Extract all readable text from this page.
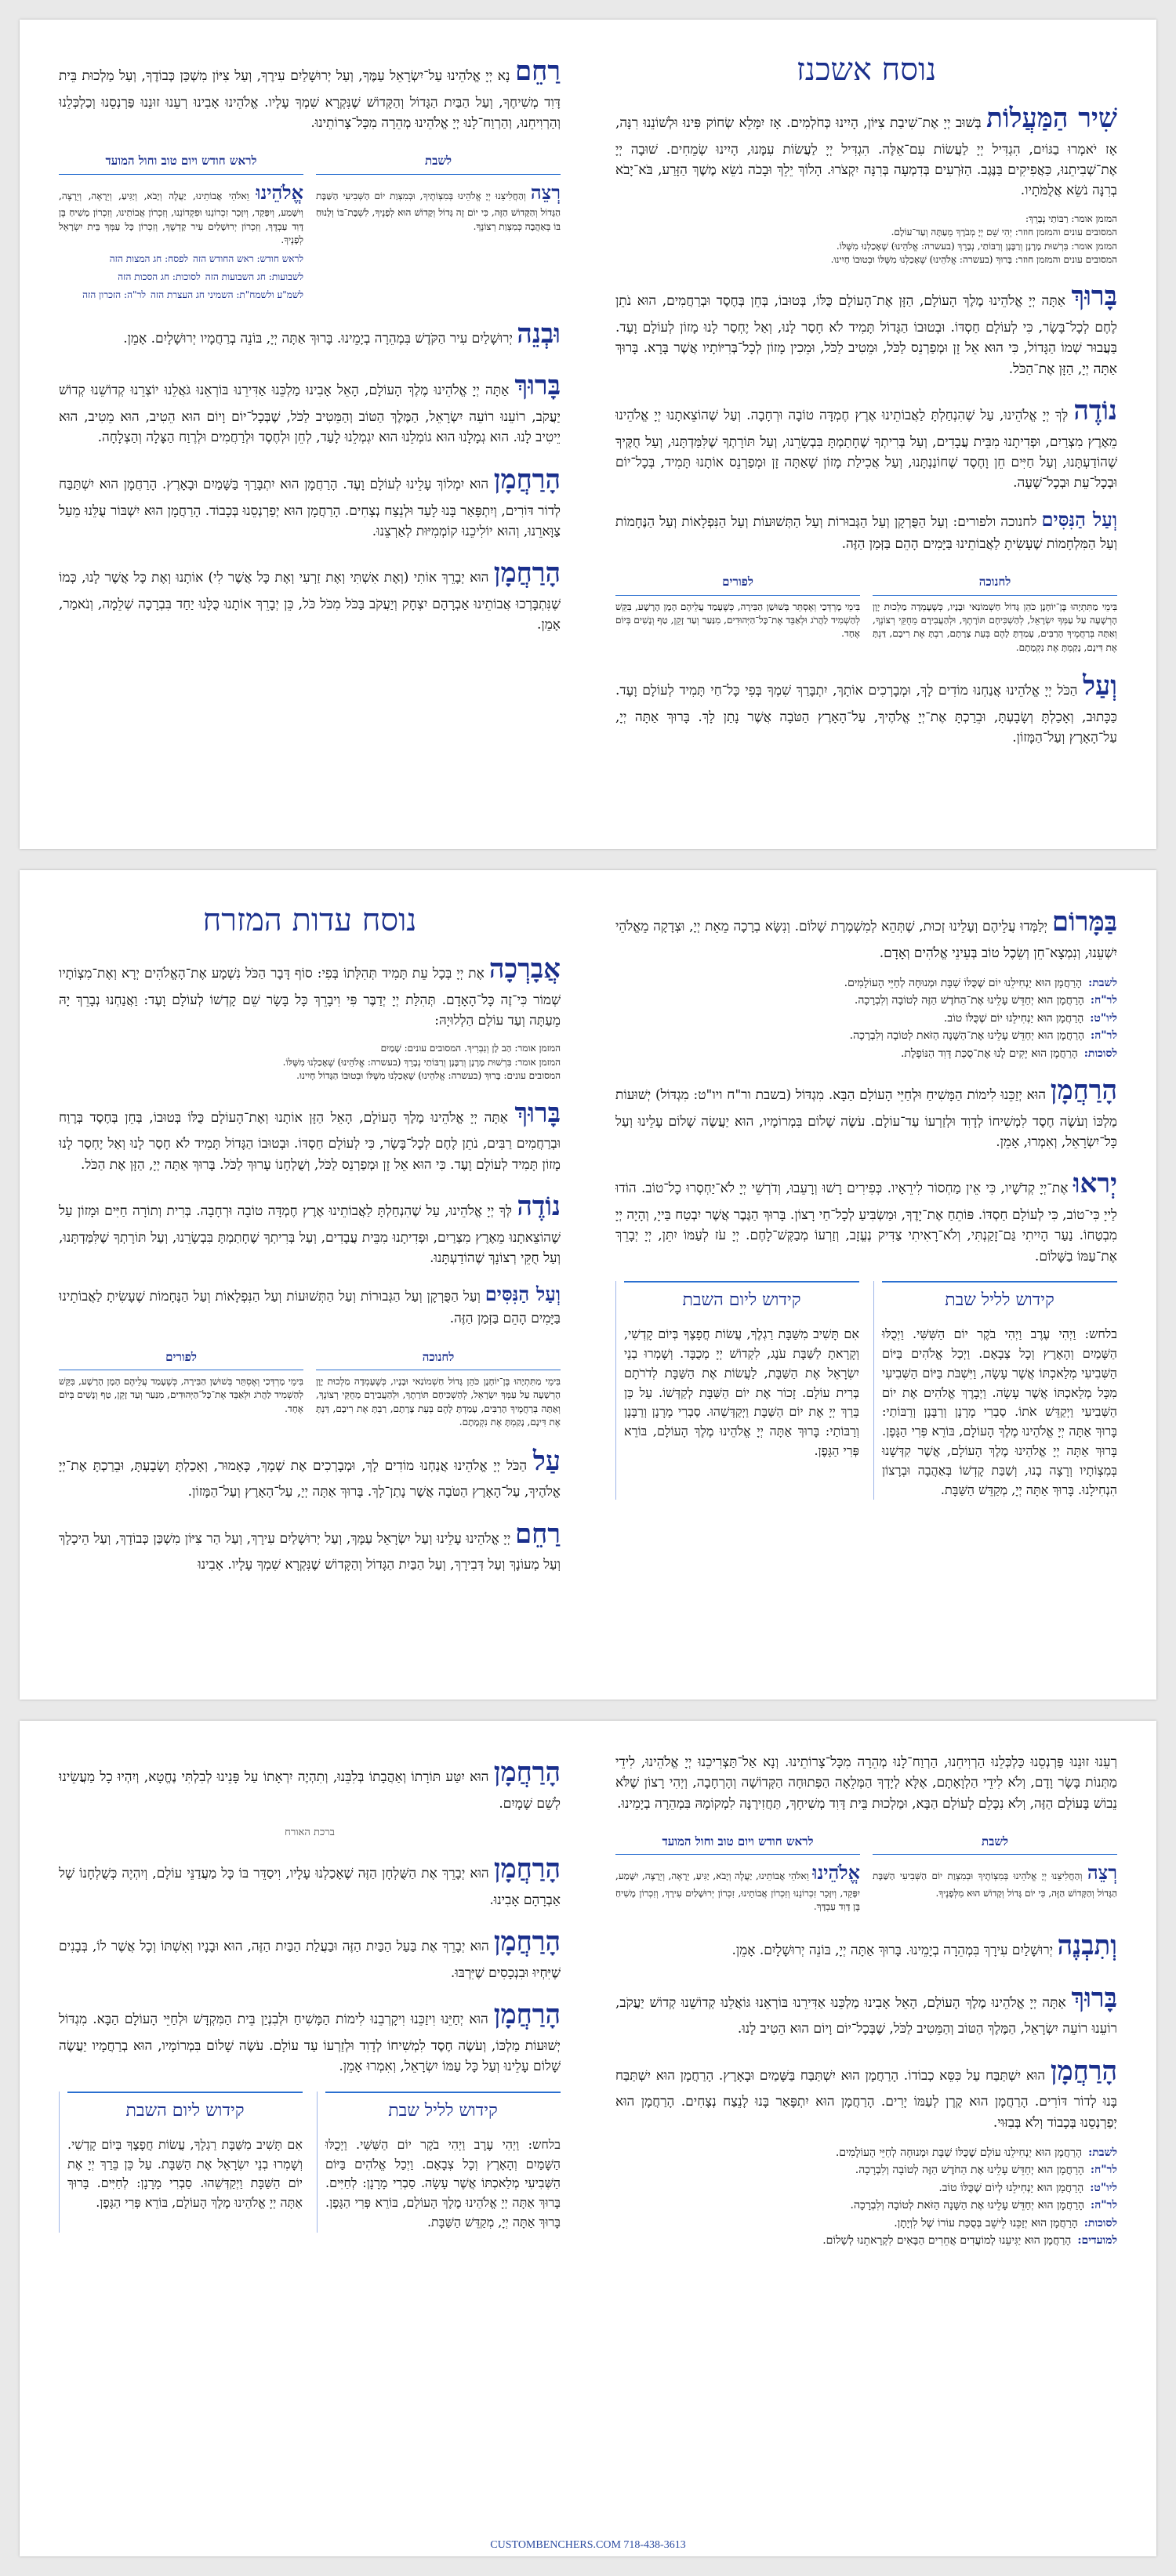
נוסח אשכנז

שִׁיר הַמַּעֲלוֹת בְּשׁוּב יְיָ אֶת־שִׁיבַת צִיּוֹן, הָיִינוּ כְּחֹלְמִים. אָז יִמָּלֵא שְׂחוֹק פִּינוּ וּלְשׁוֹנֵנוּ רִנָּה, אָז יֹאמְרוּ בַגּוֹיִם, הִגְדִּיל יְיָ לַעֲשׂוֹת עִם־אֵלֶּה. הִגְדִּיל יְיָ לַעֲשׂוֹת עִמָּנוּ, הָיִינוּ שְׂמֵחִים. שׁוּבָה יְיָ אֶת־שְׁבִיתֵנוּ, כַּאֲפִיקִים בַּנֶּגֶב. הַזֹּרְעִים בְּדִמְעָה בְּרִנָּה יִקְצֹרוּ. הָלוֹךְ יֵלֵךְ וּבָכֹה נֹשֵׂא מֶשֶׁךְ הַזָּרַע, בֹּא־יָבֹא בְרִנָּה נֹשֵׂא אֲלֻמֹּתָיו.

המזמן אומר: רַבּוֹתַי נְבָרֵךְ:
המסובים עונים והמזמן חוזר: יְהִי שֵׁם יְיָ מְבֹרָךְ מֵעַתָּה וְעַד־עוֹלָם.
המזמן אומר: בִּרְשׁוּת מָרָנָן וְרַבָּנָן וְרַבּוֹתַי, נְבָרֵךְ (בעשרה: אֱלֹהֵינוּ) שֶׁאָכַלְנוּ מִשֶּׁלּוֹ.
המסובים עונים והמזמן חוזר: בָּרוּךְ (בעשרה: אֱלֹהֵינוּ) שֶׁאָכַלְנוּ מִשֶּׁלּוֹ וּבְטוּבוֹ חָיִינוּ.

בָּרוּךְ אַתָּה יְיָ אֱלֹהֵינוּ מֶלֶךְ הָעוֹלָם, הַזָּן אֶת־הָעוֹלָם כֻּלּוֹ, בְּטוּבוֹ, בְּחֵן בְּחֶסֶד וּבְרַחֲמִים, הוּא נֹתֵן לֶחֶם לְכָל־בָּשָׂר, כִּי לְעוֹלָם חַסְדּוֹ. וּבְטוּבוֹ הַגָּדוֹל תָּמִיד לֹא חָסַר לָנוּ, וְאַל יֶחְסַר לָנוּ מָזוֹן לְעוֹלָם וָעֶד. בַּעֲבוּר שְׁמוֹ הַגָּדוֹל, כִּי הוּא אֵל זָן וּמְפַרְנֵס לַכֹּל, וּמֵטִיב לַכֹּל, וּמֵכִין מָזוֹן לְכָל־בְּרִיּוֹתָיו אֲשֶׁר בָּרָא. בָּרוּךְ אַתָּה יְיָ, הַזָּן אֶת־הַכֹּל.

נוֹדֶה לְּךָ יְיָ אֱלֹהֵינוּ, עַל שֶׁהִנְחַלְתָּ לַאֲבוֹתֵינוּ אֶרֶץ חֶמְדָּה טוֹבָה וּרְחָבָה. וְעַל שֶׁהוֹצֵאתָנוּ יְיָ אֱלֹהֵינוּ מֵאֶרֶץ מִצְרַיִם, וּפְדִיתָנוּ מִבֵּית עֲבָדִים, וְעַל בְּרִיתְךָ שֶׁחָתַמְתָּ בִּבְשָׂרֵנוּ, וְעַל תּוֹרָתְךָ שֶׁלִּמַּדְתָּנוּ, וְעַל חֻקֶּיךָ שֶׁהוֹדַעְתָּנוּ, וְעַל חַיִּים חֵן וָחֶסֶד שֶׁחוֹנַנְתָּנוּ, וְעַל אֲכִילַת מָזוֹן שָׁאַתָּה זָן וּמְפַרְנֵס אוֹתָנוּ תָּמִיד, בְּכָל־יוֹם וּבְכָל־עֵת וּבְכָל־שָׁעָה.

וְעַל הַנִּסִּים לחנוכה ולפורים: וְעַל הַפֻּרְקָן וְעַל הַגְּבוּרוֹת וְעַל הַתְּשׁוּעוֹת וְעַל הַנִּפְלָאוֹת וְעַל הַנֶּחָמוֹת וְעַל הַמִּלְחָמוֹת שֶׁעָשִׂיתָ לַאֲבוֹתֵינוּ בַּיָּמִים הָהֵם בַּזְּמַן הַזֶּה.

לחנוכה
בִּימֵי מַתִּתְיָהוּ בֶּן־יוֹחָנָן כֹּהֵן גָּדוֹל חַשְׁמוֹנַאי וּבָנָיו, כְּשֶׁעָמְדָה מַלְכוּת יָוָן הָרְשָׁעָה עַל עַמְּךָ יִשְׂרָאֵל, לְהַשְׁכִּיחָם תּוֹרָתֶךָ, וּלְהַעֲבִירָם מֵחֻקֵּי רְצוֹנֶךָ, וְאַתָּה בְּרַחֲמֶיךָ הָרַבִּים, עָמַדְתָּ לָהֶם בְּעֵת צָרָתָם, רַבְתָּ אֶת רִיבָם, דַּנְתָּ אֶת דִּינָם, נָקַמְתָּ אֶת נִקְמָתָם.
לפורים
בִּימֵי מָרְדְּכַי וְאֶסְתֵּר בְּשׁוּשַׁן הַבִּירָה, כְּשֶׁעָמַד עֲלֵיהֶם הָמָן הָרָשָׁע, בִּקֵּשׁ לְהַשְׁמִיד לַהֲרֹג וּלְאַבֵּד אֶת־כָּל־הַיְּהוּדִים, מִנַּעַר וְעַד זָקֵן, טַף וְנָשִׁים בְּיוֹם אֶחָד.

וְעַל הַכֹּל יְיָ אֱלֹהֵינוּ אֲנַחְנוּ מוֹדִים לָךְ, וּמְבָרְכִים אוֹתָךְ, יִתְבָּרַךְ שִׁמְךָ בְּפִי כָּל־חַי תָּמִיד לְעוֹלָם וָעֶד. כַּכָּתוּב, וְאָכַלְתָּ וְשָׂבָעְתָּ, וּבֵרַכְתָּ אֶת־יְיָ אֱלֹהֶיךָ, עַל־הָאָרֶץ הַטֹּבָה אֲשֶׁר נָתַן לָךְ. בָּרוּךְ אַתָּה יְיָ, עַל־הָאָרֶץ וְעַל־הַמָּזוֹן.

רַחֵם נָא יְיָ אֱלֹהֵינוּ עַל־יִשְׂרָאֵל עַמֶּךָ, וְעַל יְרוּשָׁלַיִם עִירֶךָ, וְעַל צִיּוֹן מִשְׁכַּן כְּבוֹדֶךָ, וְעַל מַלְכוּת בֵּית דָּוִד מְשִׁיחֶךָ, וְעַל הַבַּיִת הַגָּדוֹל וְהַקָּדוֹשׁ שֶׁנִּקְרָא שִׁמְךָ עָלָיו. אֱלֹהֵינוּ אָבִינוּ רְעֵנוּ זוּנֵנוּ פַּרְנְסֵנוּ וְכַלְכְּלֵנוּ וְהַרְוִיחֵנוּ, וְהַרְוַח־לָנוּ יְיָ אֱלֹהֵינוּ מְהֵרָה מִכָּל־צָרוֹתֵינוּ.

לשבת
רְצֵה וְהַחֲלִיצֵנוּ יְיָ אֱלֹהֵינוּ בְּמִצְוֹתֶיךָ, וּבְמִצְוַת יוֹם הַשְּׁבִיעִי הַשַּׁבָּת הַגָּדוֹל וְהַקָּדוֹשׁ הַזֶּה, כִּי יוֹם זֶה גָּדוֹל וְקָדוֹשׁ הוּא לְפָנֶיךָ, לִשְׁבָּת־בּוֹ וְלָנוּחַ בּוֹ בְּאַהֲבָה כְּמִצְוַת רְצוֹנֶךָ.
לראש חודש ויום טוב וחול המועד
אֱלֹהֵינוּ וֵאלֹהֵי אֲבוֹתֵינוּ, יַעֲלֶה וְיָבֹא, וְיַגִּיעַ, וְיֵרָאֶה, וְיֵרָצֶה, וְיִשָּׁמַע, וְיִפָּקֵד, וְיִזָּכֵר זִכְרוֹנֵנוּ וּפִקְדוֹנֵנוּ, וְזִכְרוֹן אֲבוֹתֵינוּ, וְזִכְרוֹן מָשִׁיחַ בֶּן דָּוִד עַבְדֶּךָ, וְזִכְרוֹן יְרוּשָׁלַיִם עִיר קָדְשֶׁךָ, וְזִכְרוֹן כָּל עַמְּךָ בֵּית יִשְׂרָאֵל לְפָנֶיךָ.
לראש חודש: ראש החודש הזה
לפסח: חג המצות הזה
לשבועות: חג השבועות הזה
לסוכות: חג הסכות הזה
לשמ"ע ולשמח"ת: השמיני חג העצרת הזה
לר"ה: הזכרון הזה

וּבְנֵה יְרוּשָׁלַיִם עִיר הַקֹּדֶשׁ בִּמְהֵרָה בְיָמֵינוּ. בָּרוּךְ אַתָּה יְיָ, בּוֹנֵה בְרַחֲמָיו יְרוּשָׁלָיִם. אָמֵן.

בָּרוּךְ אַתָּה יְיָ אֱלֹהֵינוּ מֶלֶךְ הָעוֹלָם, הָאֵל אָבִינוּ מַלְכֵּנוּ אַדִּירֵנוּ בּוֹרְאֵנוּ גֹּאֲלֵנוּ יוֹצְרֵנוּ קְדוֹשֵׁנוּ קְדוֹשׁ יַעֲקֹב, רוֹעֵנוּ רוֹעֵה יִשְׂרָאֵל, הַמֶּלֶךְ הַטּוֹב וְהַמֵּטִיב לַכֹּל, שֶׁבְּכָל־יוֹם וָיוֹם הוּא הֵטִיב, הוּא מֵטִיב, הוּא יֵיטִיב לָנוּ. הוּא גְמָלָנוּ הוּא גוֹמְלֵנוּ הוּא יִגְמְלֵנוּ לָעַד, לְחֵן וּלְחֶסֶד וּלְרַחֲמִים וּלְרֶוַח הַצָּלָה וְהַצְלָחָה.

הָרַחֲמָן הוּא יִמְלוֹךְ עָלֵינוּ לְעוֹלָם וָעֶד. הָרַחֲמָן הוּא יִתְבָּרַךְ בַּשָּׁמַיִם וּבָאָרֶץ. הָרַחֲמָן הוּא יִשְׁתַּבַּח לְדוֹר דּוֹרִים, וְיִתְפָּאַר בָּנוּ לָעַד וּלְנֵצַח נְצָחִים. הָרַחֲמָן הוּא יְפַרְנְסֵנוּ בְּכָבוֹד. הָרַחֲמָן הוּא יִשְׁבּוֹר עֻלֵּנוּ מֵעַל צַוָּארֵנוּ, וְהוּא יוֹלִיכֵנוּ קוֹמְמִיּוּת לְאַרְצֵנוּ.

הָרַחֲמָן הוּא יְבָרֵךְ אוֹתִי (וְאֶת אִשְׁתִּי וְאֶת זַרְעִי וְאֶת כָּל אֲשֶׁר לִי) אוֹתָנוּ וְאֶת כָּל אֲשֶׁר לָנוּ, כְּמוֹ שֶׁנִּתְבָּרְכוּ אֲבוֹתֵינוּ אַבְרָהָם יִצְחָק וְיַעֲקֹב בַּכֹּל מִכֹּל כֹּל, כֵּן יְבָרֵךְ אוֹתָנוּ כֻּלָּנוּ יַחַד בִּבְרָכָה שְׁלֵמָה, וְנֹאמַר, אָמֵן.

בַּמָּרוֹם יְלַמְּדוּ עֲלֵיהֶם וְעָלֵינוּ זְכוּת, שֶׁתְּהֵא לְמִשְׁמֶרֶת שָׁלוֹם. וְנִשָּׂא בְרָכָה מֵאֵת יְיָ, וּצְדָקָה מֵאֱלֹהֵי יִשְׁעֵנוּ, וְנִמְצָא־חֵן וְשֵׂכֶל טוֹב בְּעֵינֵי אֱלֹהִים וְאָדָם.

לשבת:הָרַחֲמָן הוּא יַנְחִילֵנוּ יוֹם שֶׁכֻּלּוֹ שַׁבָּת וּמְנוּחָה לְחַיֵּי הָעוֹלָמִים.
לר"ח:הָרַחֲמָן הוּא יְחַדֵּשׁ עָלֵינוּ אֶת־הַחֹדֶשׁ הַזֶּה לְטוֹבָה וְלִבְרָכָה.
ליו"ט:הָרַחֲמָן הוּא יַנְחִילֵנוּ יוֹם שֶׁכֻּלּוֹ טוֹב.
לר"ה:הָרַחֲמָן הוּא יְחַדֵּשׁ עָלֵינוּ אֶת־הַשָּׁנָה הַזֹּאת לְטוֹבָה וְלִבְרָכָה.
לסוכות:הָרַחֲמָן הוּא יָקִים לָנוּ אֶת־סֻכַּת דָּוִד הַנּוֹפָלֶת.

הָרַחֲמָן הוּא יְזַכֵּנוּ לִימוֹת הַמָּשִׁיחַ וּלְחַיֵּי הָעוֹלָם הַבָּא. מִגְדּוֹל (בשבת ור"ח ויו"ט: מִגְדּוֹל) יְשׁוּעוֹת מַלְכּוֹ וְעֹשֶׂה חֶסֶד לִמְשִׁיחוֹ לְדָוִד וּלְזַרְעוֹ עַד־עוֹלָם. עֹשֶׂה שָׁלוֹם בִּמְרוֹמָיו, הוּא יַעֲשֶׂה שָׁלוֹם עָלֵינוּ וְעַל כָּל־יִשְׂרָאֵל, וְאִמְרוּ, אָמֵן.

יְראוּ אֶת־יְיָ קְדֹשָׁיו, כִּי אֵין מַחְסוֹר לִירֵאָיו. כְּפִירִים רָשׁוּ וְרָעֵבוּ, וְדֹרְשֵׁי יְיָ לֹא־יַחְסְרוּ כָל־טוֹב. הוֹדוּ לַייָ כִּי־טוֹב, כִּי לְעוֹלָם חַסְדּוֹ. פּוֹתֵחַ אֶת־יָדֶךָ, וּמַשְׂבִּיעַ לְכָל־חַי רָצוֹן. בָּרוּךְ הַגֶּבֶר אֲשֶׁר יִבְטַח בַּייָ, וְהָיָה יְיָ מִבְטַחוֹ. נַעַר הָיִיתִי גַּם־זָקַנְתִּי, וְלֹא־רָאִיתִי צַדִּיק נֶעֱזָב, וְזַרְעוֹ מְבַקֶּשׁ־לָחֶם. יְיָ עֹז לְעַמּוֹ יִתֵּן, יְיָ יְבָרֵךְ אֶת־עַמּוֹ בַשָּׁלוֹם.

קידוש לליל שבת
בלחש: וַיְהִי עֶרֶב וַיְהִי בֹקֶר יוֹם הַשִּׁשִּׁי. וַיְכֻלּוּ הַשָּׁמַיִם וְהָאָרֶץ וְכָל צְבָאָם. וַיְכַל אֱלֹהִים בַּיּוֹם הַשְּׁבִיעִי מְלַאכְתּוֹ אֲשֶׁר עָשָׂה, וַיִּשְׁבֹּת בַּיּוֹם הַשְּׁבִיעִי מִכָּל מְלַאכְתּוֹ אֲשֶׁר עָשָׂה. וַיְבָרֶךְ אֱלֹהִים אֶת יוֹם הַשְּׁבִיעִי וַיְקַדֵּשׁ אֹתוֹ. סַבְרִי מָרָנָן וְרַבָּנָן וְרַבּוֹתַי: בָּרוּךְ אַתָּה יְיָ אֱלֹהֵינוּ מֶלֶךְ הָעוֹלָם, בּוֹרֵא פְּרִי הַגָּפֶן. בָּרוּךְ אַתָּה יְיָ אֱלֹהֵינוּ מֶלֶךְ הָעוֹלָם, אֲשֶׁר קִדְּשָׁנוּ בְּמִצְוֹתָיו וְרָצָה בָנוּ, וְשַׁבַּת קָדְשׁוֹ בְּאַהֲבָה וּבְרָצוֹן הִנְחִילָנוּ. בָּרוּךְ אַתָּה יְיָ, מְקַדֵּשׁ הַשַּׁבָּת.
קידוש ליום השבת
אִם תָּשִׁיב מִשַּׁבָּת רַגְלֶךָ, עֲשׂוֹת חֲפָצֶךָ בְּיוֹם קָדְשִׁי, וְקָרָאתָ לַשַּׁבָּת עֹנֶג, לִקְדוֹשׁ יְיָ מְכֻבָּד. וְשָׁמְרוּ בְנֵי יִשְׂרָאֵל אֶת הַשַּׁבָּת, לַעֲשׂוֹת אֶת הַשַּׁבָּת לְדֹרֹתָם בְּרִית עוֹלָם. זָכוֹר אֶת יוֹם הַשַּׁבָּת לְקַדְּשׁוֹ. עַל כֵּן בֵּרַךְ יְיָ אֶת יוֹם הַשַּׁבָּת וַיְקַדְּשֵׁהוּ. סַבְרִי מָרָנָן וְרַבָּנָן וְרַבּוֹתַי: בָּרוּךְ אַתָּה יְיָ אֱלֹהֵינוּ מֶלֶךְ הָעוֹלָם, בּוֹרֵא פְּרִי הַגָּפֶן.
נוסח עדות המזרח

אֲבָרְכָה אֶת יְיָ בְּכָל עֵת תָּמִיד תְּהִלָּתוֹ בְּפִי: סוֹף דָּבָר הַכֹּל נִשְׁמָע אֶת־הָאֱלֹהִים יְרָא וְאֶת־מִצְוֹתָיו שְׁמוֹר כִּי־זֶה כָּל־הָאָדָם. תְּהִלַּת יְיָ יְדַבֶּר פִּי וִיבָרֵךְ כָּל בָּשָׂר שֵׁם קָדְשׁוֹ לְעוֹלָם וָעֶד: וַאֲנַחְנוּ נְבָרֵךְ יָהּ מֵעַתָּה וְעַד עוֹלָם הַלְלוּיָהּ:

המזמן אומר: הַב לָן וְנִבְרִיךְ. המסובים עונים: שָׁמַיִם
המזמן אומר: בִּרְשׁוּת מָרָנָן וְרַבָּנָן וְרַבּוֹתַי נְבָרֵךְ (בעשרה: אֱלֹהֵינוּ) שֶׁאָכַלְנוּ מִשֶּׁלּוֹ.
המסובים עונים: בָּרוּךְ (בעשרה: אֱלֹהֵינוּ) שֶׁאָכַלְנוּ מִשֶּׁלּוֹ וּבְטוּבוֹ הַגָּדוֹל חָיִינוּ.

בָּרוּךְ אַתָּה יְיָ אֱלֹהֵינוּ מֶלֶךְ הָעוֹלָם, הָאֵל הַזָּן אוֹתָנוּ וְאֶת־הָעוֹלָם כֻּלּוֹ בְּטוּבוֹ, בְּחֵן בְּחֶסֶד בְּרֶוַח וּבְרַחֲמִים רַבִּים, נֹתֵן לֶחֶם לְכָל־בָּשָׂר, כִּי לְעוֹלָם חַסְדּוֹ. וּבְטוּבוֹ הַגָּדוֹל תָּמִיד לֹא חָסַר לָנוּ וְאַל יֶחְסַר לָנוּ מָזוֹן תָּמִיד לְעוֹלָם וָעֶד. כִּי הוּא אֵל זָן וּמְפַרְנֵס לַכֹּל, וְשֻׁלְחָנוֹ עָרוּךְ לַכֹּל. בָּרוּךְ אַתָּה יְיָ, הַזָּן אֶת הַכֹּל.

נוֹדֶה לְּךָ יְיָ אֱלֹהֵינוּ, עַל שֶׁהִנְחַלְתָּ לַאֲבוֹתֵינוּ אֶרֶץ חֶמְדָּה טוֹבָה וּרְחָבָה. בְּרִית וְתוֹרָה חַיִּים וּמָזוֹן עַל שֶׁהוֹצֵאתָנוּ מֵאֶרֶץ מִצְרַיִם, וּפְדִיתָנוּ מִבֵּית עֲבָדִים, וְעַל בְּרִיתְךָ שֶׁחָתַמְתָּ בִּבְשָׂרֵנוּ, וְעַל תּוֹרָתְךָ שֶׁלִּמַּדְתָּנוּ, וְעַל חֻקֵּי רְצוֹנָךְ שֶׁהוֹדַעְתָּנוּ.

וְעַל הַנִּסִּים וְעַל הַפֻּרְקָן וְעַל הַגְּבוּרוֹת וְעַל הַתְּשׁוּעוֹת וְעַל הַנִּפְלָאוֹת וְעַל הַנֶּחָמוֹת שֶׁעָשִׂיתָ לַאֲבוֹתֵינוּ בַּיָּמִים הָהֵם בַּזְּמַן הַזֶּה.

לחנוכה
בִּימֵי מַתִּתְיָהוּ בֶּן־יוֹחָנָן כֹּהֵן גָּדוֹל חַשְׁמוֹנַאי וּבָנָיו, כְּשֶׁעָמְדָה מַלְכוּת יָוָן הָרְשָׁעָה עַל עַמְּךָ יִשְׂרָאֵל, לְהַשְׁכִּיחָם תּוֹרָתֶךָ, וּלְהַעֲבִירָם מֵחֻקֵּי רְצוֹנֶךָ, וְאַתָּה בְּרַחֲמֶיךָ הָרַבִּים, עָמַדְתָּ לָהֶם בְּעֵת צָרָתָם, רַבְתָּ אֶת רִיבָם, דַּנְתָּ אֶת דִּינָם, נָקַמְתָּ אֶת נִקְמָתָם.
לפורים
בִּימֵי מָרְדְּכַי וְאֶסְתֵּר בְּשׁוּשַׁן הַבִּירָה, כְּשֶׁעָמַד עֲלֵיהֶם הָמָן הָרָשָׁע, בִּקֵּשׁ לְהַשְׁמִיד לַהֲרֹג וּלְאַבֵּד אֶת־כָּל־הַיְּהוּדִים, מִנַּעַר וְעַד זָקֵן, טַף וְנָשִׁים בְּיוֹם אֶחָד.

עַל הַכֹּל יְיָ אֱלֹהֵינוּ אֲנַחְנוּ מוֹדִים לָךְ, וּמְבָרְכִים אֶת שְׁמָךְ, כָּאָמוּר, וְאָכַלְתָּ וְשָׂבָעְתָּ, וּבֵרַכְתָּ אֶת־יְיָ אֱלֹהֶיךָ, עַל־הָאָרֶץ הַטֹּבָה אֲשֶׁר נָתַן־לָךְ. בָּרוּךְ אַתָּה יְיָ, עַל־הָאָרֶץ וְעַל־הַמָּזוֹן.

רַחֵם יְיָ אֱלֹהֵינוּ עָלֵינוּ וְעַל יִשְׂרָאֵל עַמָּךְ, וְעַל יְרוּשָׁלַיִם עִירָךְ, וְעַל הַר צִיּוֹן מִשְׁכַּן כְּבוֹדָךְ, וְעַל הֵיכָלָךְ וְעַל מְעוֹנָךְ וְעַל דְּבִירָךְ, וְעַל הַבַּיִת הַגָּדוֹל וְהַקָּדוֹשׁ שֶׁנִּקְרָא שִׁמְךָ עָלָיו. אָבִינוּ

רְעֵנוּ זוּנֵנוּ פַּרְנְסֵנוּ כַּלְכְּלֵנוּ הַרְוִיחֵנוּ, הַרְוַח־לָנוּ מְהֵרָה מִכָּל־צָרוֹתֵינוּ. וְנָא אַל־תַּצְרִיכֵנוּ יְיָ אֱלֹהֵינוּ, לִידֵי מַתְּנוֹת בָּשָׂר וָדָם, וְלֹא לִידֵי הַלְוָאָתָם, אֶלָּא לְיָדְךָ הַמְּלֵאָה הַפְּתוּחָה הַקְּדוֹשָׁה וְהָרְחָבָה, וְיְהִי רָצוֹן שֶׁלֹּא נֵבוֹשׁ בָּעוֹלָם הַזֶּה, וְלֹא נִכָּלֵם לָעוֹלָם הַבָּא, וּמַלְכוּת בֵּית דָּוִד מְשִׁיחָךְ, תַּחֲזִירֶנָּה לִמְקוֹמָהּ בִּמְהֵרָה בְיָמֵינוּ.

לשבת
רְצֵה וְהַחֲלִיצֵנוּ יְיָ אֱלֹהֵינוּ בְּמִצְוֹתֶיךָ וּבְמִצְוַת יוֹם הַשְּׁבִיעִי הַשַּׁבָּת הַגָּדוֹל וְהַקָּדוֹשׁ הַזֶּה, כִּי יוֹם גָּדוֹל וְקָדוֹשׁ הוּא מִלְּפָנֶיךָ.
לראש חודש ויום טוב וחול המועד
אֱלֹהֵינוּ וֵאלֹהֵי אֲבוֹתֵינוּ, יַעֲלֶה וְיָבֹא, יַגִּיעַ, יֵרָאֶה, וְיֵרָצֶה, יִשָּׁמַע, יִפָּקֵד, וְיִזָּכֵר זִכְרוֹנֵנוּ וְזִכְרוֹן אֲבוֹתֵינוּ, זִכְרוֹן יְרוּשָׁלַיִם עִירָךְ, וְזִכְרוֹן מָשִׁיחַ בֶּן דָּוִד עַבְדָּךְ.

וְתִבְנֶה יְרוּשָׁלַיִם עִירָךְ בִּמְהֵרָה בְיָמֵינוּ. בָּרוּךְ אַתָּה יְיָ, בּוֹנֵה יְרוּשָׁלָיִם. אָמֵן.

בָּרוּךְ אַתָּה יְיָ אֱלֹהֵינוּ מֶלֶךְ הָעוֹלָם, הָאֵל אָבִינוּ מַלְכֵּנוּ אַדִּירֵנוּ בּוֹרְאֵנוּ גּוֹאֲלֵנוּ קְדוֹשֵׁנוּ קְדוֹשׁ יַעֲקֹב, רוֹעֵנוּ רוֹעֵה יִשְׂרָאֵל, הַמֶּלֶךְ הַטּוֹב וְהַמֵּטִיב לַכֹּל, שֶׁבְּכָל־יוֹם וָיוֹם הוּא הֵטִיב לָנוּ.

הָרַחֲמָן הוּא יִשְׁתַּבַּח עַל כִּסֵּא כְבוֹדוֹ. הָרַחֲמָן הוּא יִשְׁתַּבַּח בַּשָּׁמַיִם וּבָאָרֶץ. הָרַחֲמָן הוּא יִשְׁתַּבַּח בָּנוּ לְדוֹר דּוֹרִים. הָרַחֲמָן הוּא קֶרֶן לְעַמּוֹ יָרִים. הָרַחֲמָן הוּא יִתְפָּאַר בָּנוּ לָנֵצַח נְצָחִים. הָרַחֲמָן הוּא יְפַרְנְסֵנוּ בְּכָבוֹד וְלֹא בְּבִזּוּי.

לשבת:הָרַחֲמָן הוּא יַנְחִילֵנוּ עוֹלָם שֶׁכֻּלּוֹ שַׁבָּת וּמְנוּחָה לְחַיֵּי הָעוֹלָמִים.
לר"ח:הָרַחֲמָן הוּא יְחַדֵּשׁ עָלֵינוּ אֶת הַחֹדֶשׁ הַזֶּה לְטוֹבָה וְלִבְרָכָה.
ליו"ט:הָרַחֲמָן הוּא יַנְחִילֵנוּ לְיוֹם שֶׁכֻּלּוֹ טוֹב.
לר"ה:הָרַחֲמָן הוּא יְחַדֵּשׁ עָלֵינוּ אֶת הַשָּׁנָה הַזֹּאת לְטוֹבָה וְלִבְרָכָה.
לסוכות:הָרַחֲמָן הוּא יְזַכֵּנוּ לֵישֵׁב בְּסֻכַּת עוֹרוֹ שֶׁל לִוְיָתָן.
למועדים:הָרַחֲמָן הוּא יַגִּיעֵנוּ לְמוֹעֲדִים אֲחֵרִים הַבָּאִים לִקְרָאתֵנוּ לְשָׁלוֹם.

הָרַחֲמָן הוּא יִטַּע תּוֹרָתוֹ וְאַהֲבָתוֹ בְּלִבֵּנוּ, וְתִהְיֶה יִרְאָתוֹ עַל פָּנֵינוּ לְבִלְתִּי נֶחֱטָא, וְיִהְיוּ כָל מַעֲשֵׂינוּ לְשֵׁם שָׁמָיִם.

ברכת האורח

הָרַחֲמָן הוּא יְבָרֵךְ אֶת הַשֻּׁלְחָן הַזֶּה שֶׁאָכַלְנוּ עָלָיו, וִיסַדֵּר בּוֹ כָּל מַעֲדַנֵּי עוֹלָם, וְיִהְיֶה כְּשֻׁלְחָנוֹ שֶׁל אַבְרָהָם אָבִינוּ.

הָרַחֲמָן הוּא יְבָרֵךְ אֶת בַּעַל הַבַּיִת הַזֶּה וּבַעֲלַת הַבַּיִת הַזֶּה, הוּא וּבָנָיו וְאִשְׁתּוֹ וְכָל אֲשֶׁר לוֹ, בְּבָנִים שֶׁיִּחְיוּ וּבִנְכָסִים שֶׁיִּרְבּוּ.

הָרַחֲמָן הוּא יְחַיֵּנוּ וִיזַכֵּנוּ וִיקָרְבֵנוּ לִימוֹת הַמָּשִׁיחַ וּלְבִנְיַן בֵּית הַמִּקְדָּשׁ וּלְחַיֵּי הָעוֹלָם הַבָּא. מִגְדּוֹל יְשׁוּעוֹת מַלְכּוֹ, וְעֹשֶׂה חֶסֶד לִמְשִׁיחוֹ לְדָוִד וּלְזַרְעוֹ עַד עוֹלָם. עֹשֶׂה שָׁלוֹם בִּמְרוֹמָיו, הוּא בְרַחֲמָיו יַעֲשֶׂה שָׁלוֹם עָלֵינוּ וְעַל כָּל עַמּוֹ יִשְׂרָאֵל, וְאִמְרוּ אָמֵן.

קידוש לליל שבת
בלחש: וַיְהִי עֶרֶב וַיְהִי בֹקֶר יוֹם הַשִּׁשִּׁי. וַיְכֻלּוּ הַשָּׁמַיִם וְהָאָרֶץ וְכָל צְבָאָם. וַיְכַל אֱלֹהִים בַּיּוֹם הַשְּׁבִיעִי מְלַאכְתּוֹ אֲשֶׁר עָשָׂה. סַבְרִי מָרָנָן: לְחַיִּים. בָּרוּךְ אַתָּה יְיָ אֱלֹהֵינוּ מֶלֶךְ הָעוֹלָם, בּוֹרֵא פְּרִי הַגָּפֶן. בָּרוּךְ אַתָּה יְיָ, מְקַדֵּשׁ הַשַּׁבָּת.
קידוש ליום השבת
אִם תָּשִׁיב מִשַּׁבָּת רַגְלֶךָ, עֲשׂוֹת חֲפָצֶךָ בְּיוֹם קָדְשִׁי. וְשָׁמְרוּ בְנֵי יִשְׂרָאֵל אֶת הַשַּׁבָּת. עַל כֵּן בֵּרַךְ יְיָ אֶת יוֹם הַשַּׁבָּת וַיְקַדְּשֵׁהוּ. סַבְרִי מָרָנָן: לְחַיִּים. בָּרוּךְ אַתָּה יְיָ אֱלֹהֵינוּ מֶלֶךְ הָעוֹלָם, בּוֹרֵא פְּרִי הַגָּפֶן.
CUSTOMBENCHERS.COM 718-438-3613
